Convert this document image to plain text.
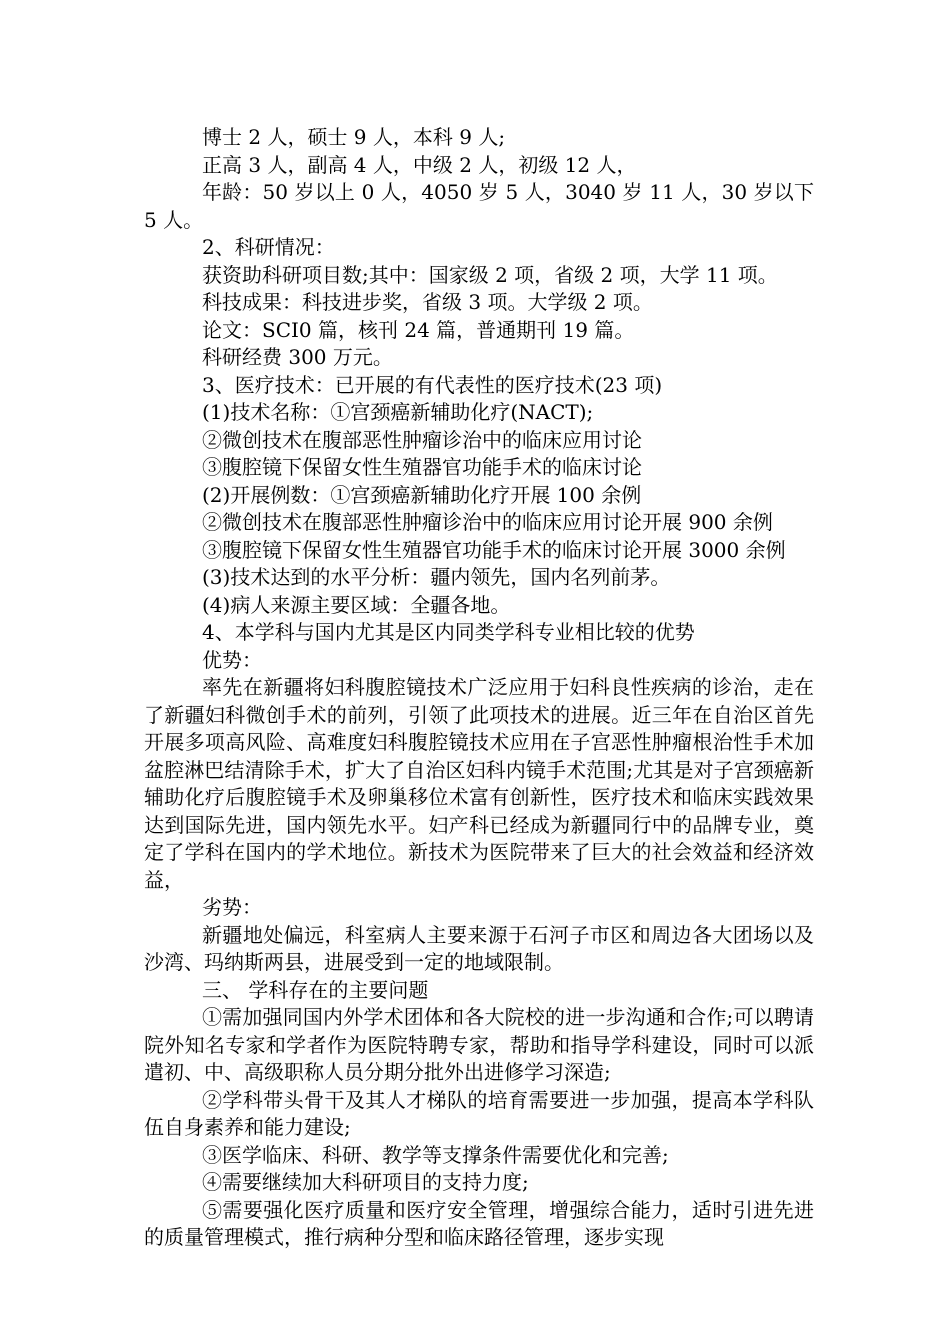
博士 2 人，硕士 9 人，本科 9 人;

正高 3 人，副高 4 人，中级 2 人，初级 12 人，

年龄：50 岁以上 0 人，4050 岁 5 人，3040 岁 11 人，30 岁以下 5 人。

2、科研情况：

获资助科研项目数;其中：国家级 2 项，省级 2 项，大学 11 项。

科技成果：科技进步奖，省级 3 项。大学级 2 项。

论文：SCI0 篇，核刊 24 篇，普通期刊 19 篇。

科研经费 300 万元。

3、医疗技术：已开展的有代表性的医疗技术(23 项)

(1)技术名称：①宫颈癌新辅助化疗(NACT);

②微创技术在腹部恶性肿瘤诊治中的临床应用讨论

③腹腔镜下保留女性生殖器官功能手术的临床讨论

(2)开展例数：①宫颈癌新辅助化疗开展 100 余例

②微创技术在腹部恶性肿瘤诊治中的临床应用讨论开展 900 余例

③腹腔镜下保留女性生殖器官功能手术的临床讨论开展 3000 余例

(3)技术达到的水平分析：疆内领先，国内名列前茅。

(4)病人来源主要区域：全疆各地。

4、本学科与国内尤其是区内同类学科专业相比较的优势

优势：

率先在新疆将妇科腹腔镜技术广泛应用于妇科良性疾病的诊治，走在了新疆妇科微创手术的前列，引领了此项技术的进展。近三年在自治区首先开展多项高风险、高难度妇科腹腔镜技术应用在子宫恶性肿瘤根治性手术加盆腔淋巴结清除手术，扩大了自治区妇科内镜手术范围;尤其是对子宫颈癌新辅助化疗后腹腔镜手术及卵巢移位术富有创新性，医疗技术和临床实践效果达到国际先进，国内领先水平。妇产科已经成为新疆同行中的品牌专业，奠定了学科在国内的学术地位。新技术为医院带来了巨大的社会效益和经济效益，

劣势：

新疆地处偏远，科室病人主要来源于石河子市区和周边各大团场以及沙湾、玛纳斯两县，进展受到一定的地域限制。

三、 学科存在的主要问题

①需加强同国内外学术团体和各大院校的进一步沟通和合作;可以聘请院外知名专家和学者作为医院特聘专家，帮助和指导学科建设，同时可以派遣初、中、高级职称人员分期分批外出进修学习深造;

②学科带头骨干及其人才梯队的培育需要进一步加强，提高本学科队伍自身素养和能力建设;

③医学临床、科研、教学等支撑条件需要优化和完善;

④需要继续加大科研项目的支持力度;

⑤需要强化医疗质量和医疗安全管理，增强综合能力，适时引进先进的质量管理模式，推行病种分型和临床路径管理，逐步实现
